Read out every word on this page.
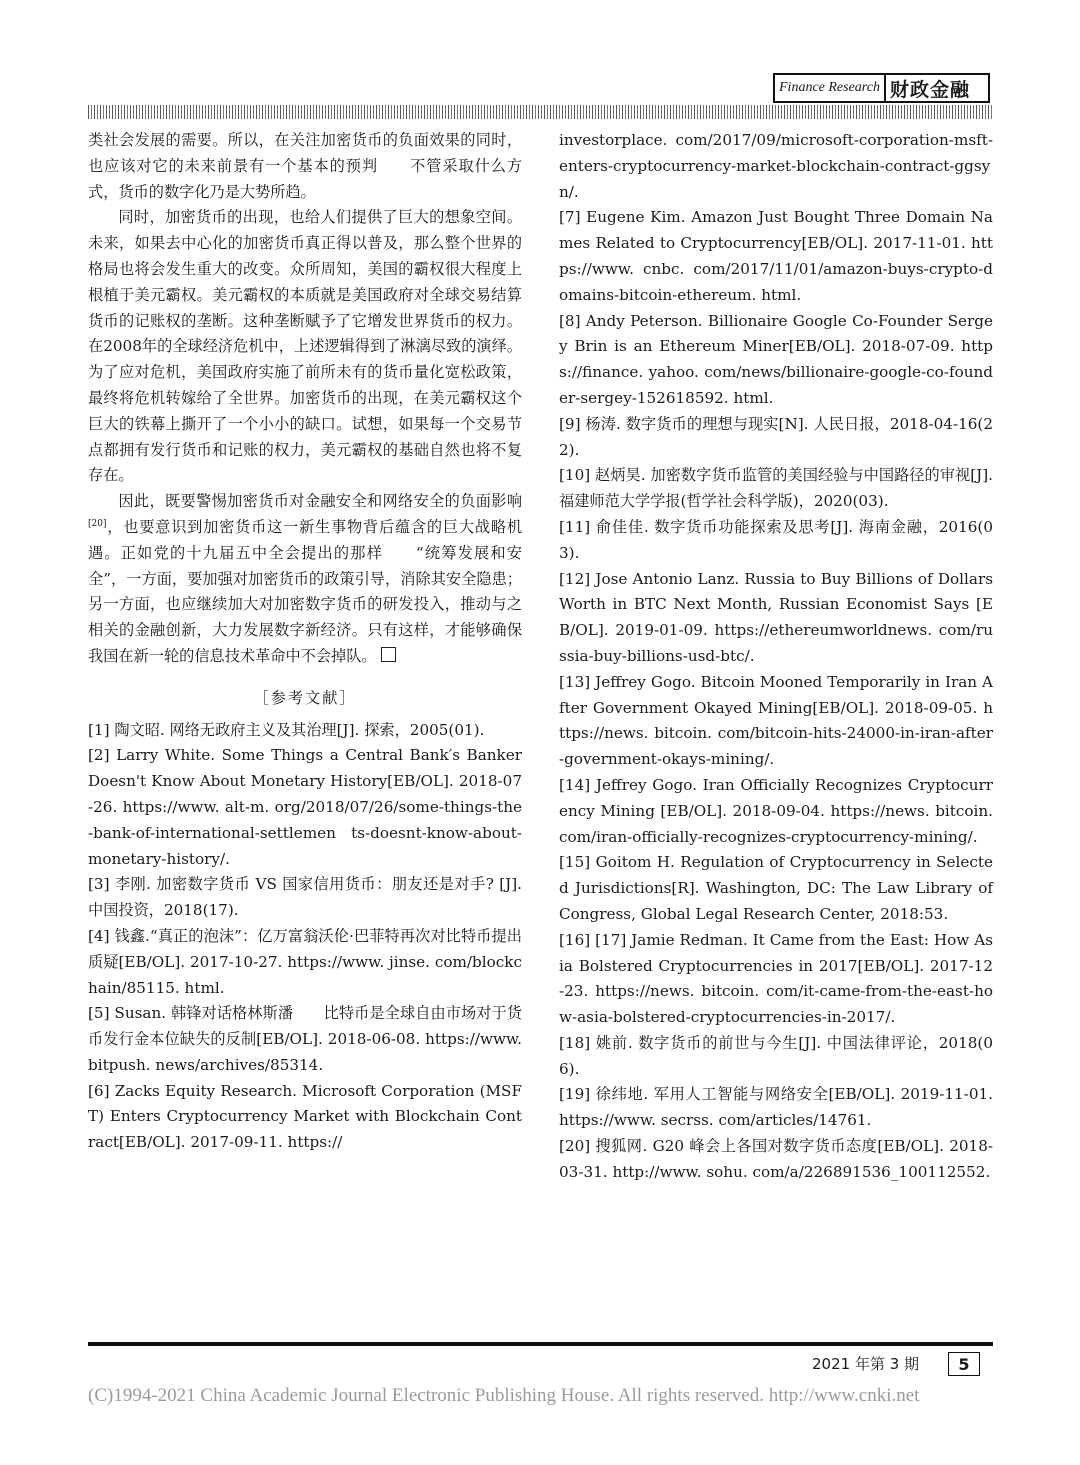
Finance Research 财政金融

类社会发展的需要。所以，在关注加密货币的负面效果的同时，也应该对它的未来前景有一个基本的预判　　不管采取什么方式，货币的数字化乃是大势所趋。

同时，加密货币的出现，也给人们提供了巨大的想象空间。未来，如果去中心化的加密货币真正得以普及，那么整个世界的格局也将会发生重大的改变。众所周知，美国的霸权很大程度上根植于美元霸权。美元霸权的本质就是美国政府对全球交易结算货币的记账权的垄断。这种垄断赋予了它增发世界货币的权力。在2008年的全球经济危机中，上述逻辑得到了淋漓尽致的演绎。为了应对危机，美国政府实施了前所未有的货币量化宽松政策，最终将危机转嫁给了全世界。加密货币的出现，在美元霸权这个巨大的铁幕上撕开了一个小小的缺口。试想，如果每一个交易节点都拥有发行货币和记账的权力，美元霸权的基础自然也将不复存在。

因此，既要警惕加密货币对金融安全和网络安全的负面影响[20]，也要意识到加密货币这一新生事物背后蕴含的巨大战略机遇。正如党的十九届五中全会提出的那样　　“统筹发展和安全”，一方面，要加强对加密货币的政策引导，消除其安全隐患；另一方面，也应继续加大对加密数字货币的研发投入，推动与之相关的金融创新，大力发展数字新经济。只有这样，才能够确保我国在新一轮的信息技术革命中不会掉队。

［参考文献］

[1] 陶文昭. 网络无政府主义及其治理[J]. 探索，2005(01).

[2] Larry White. Some Things a Central Bank′s Banker Doesn't Know About Monetary History[EB/OL]. 2018-07-26. https://www. alt-m. org/2018/07/26/some-things-the-bank-of-international-settlemen ts-doesnt-know-about-monetary-history/.

[3] 李刚. 加密数字货币 VS 国家信用货币：朋友还是对手? [J]. 中国投资，2018(17).

[4] 钱鑫.“真正的泡沫”：亿万富翁沃伦·巴菲特再次对比特币提出质疑[EB/OL]. 2017-10-27. https://www. jinse. com/blockchain/85115. html.

[5] Susan. 韩锋对话格林斯潘　　比特币是全球自由市场对于货币发行金本位缺失的反制[EB/OL]. 2018-06-08. https://www. bitpush. news/archives/85314.

[6] Zacks Equity Research. Microsoft Corporation (MSFT) Enters Cryptocurrency Market with Blockchain Contract[EB/OL]. 2017-09-11. https://

investorplace. com/2017/09/microsoft-corporation-msft-enters-cryptocurrency-market-blockchain-contract-ggsyn/.

[7] Eugene Kim. Amazon Just Bought Three Domain Names Related to Cryptocurrency[EB/OL]. 2017-11-01. https://www. cnbc. com/2017/11/01/amazon-buys-crypto-domains-bitcoin-ethereum. html.

[8] Andy Peterson. Billionaire Google Co-Founder Sergey Brin is an Ethereum Miner[EB/OL]. 2018-07-09. https://finance. yahoo. com/news/billionaire-google-co-founder-sergey-152618592. html.

[9] 杨涛. 数字货币的理想与现实[N]. 人民日报，2018-04-16(22).

[10] 赵炳昊. 加密数字货币监管的美国经验与中国路径的审视[J]. 福建师范大学学报(哲学社会科学版)，2020(03).

[11] 俞佳佳. 数字货币功能探索及思考[J]. 海南金融，2016(03).

[12] Jose Antonio Lanz. Russia to Buy Billions of Dollars Worth in BTC Next Month, Russian Economist Says [EB/OL]. 2019-01-09. https://ethereumworldnews. com/russia-buy-billions-usd-btc/.

[13] Jeffrey Gogo. Bitcoin Mooned Temporarily in Iran After Government Okayed Mining[EB/OL]. 2018-09-05. https://news. bitcoin. com/bitcoin-hits-24000-in-iran-after-government-okays-mining/.

[14] Jeffrey Gogo. Iran Officially Recognizes Cryptocurrency Mining [EB/OL]. 2018-09-04. https://news. bitcoin. com/iran-officially-recognizes-cryptocurrency-mining/.

[15] Goitom H. Regulation of Cryptocurrency in Selected Jurisdictions[R]. Washington, DC: The Law Library of Congress, Global Legal Research Center, 2018:53.

[16] [17] Jamie Redman. It Came from the East: How Asia Bolstered Cryptocurrencies in 2017[EB/OL]. 2017-12-23. https://news. bitcoin. com/it-came-from-the-east-how-asia-bolstered-cryptocurrencies-in-2017/.

[18] 姚前. 数字货币的前世与今生[J]. 中国法律评论，2018(06).

[19] 徐纬地. 军用人工智能与网络安全[EB/OL]. 2019-11-01. https://www. secrss. com/articles/14761.

[20] 搜狐网. G20 峰会上各国对数字货币态度[EB/OL]. 2018-03-31. http://www. sohu. com/a/226891536_100112552.

2021 年第 3 期	5
(C)1994-2021 China Academic Journal Electronic Publishing House. All rights reserved. http://www.cnki.net
